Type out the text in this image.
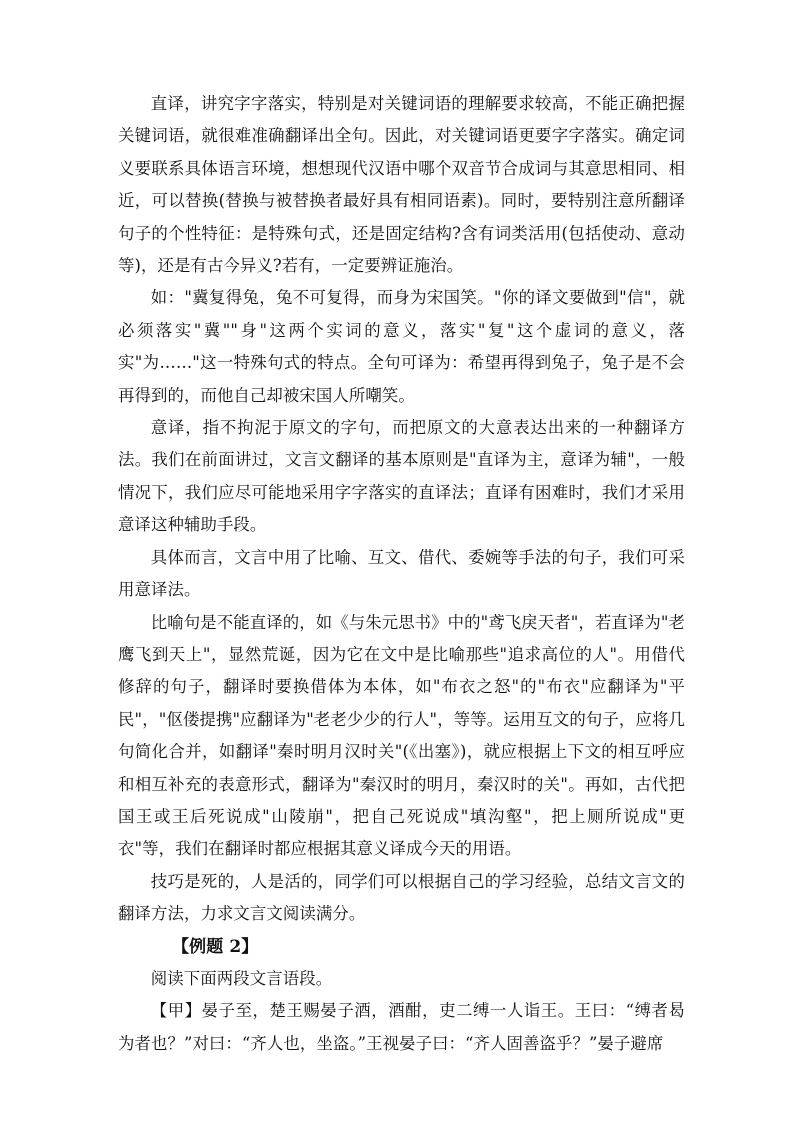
直译，讲究字字落实，特别是对关键词语的理解要求较高，不能正确把握关键词语，就很难准确翻译出全句。因此，对关键词语更要字字落实。确定词义要联系具体语言环境，想想现代汉语中哪个双音节合成词与其意思相同、相近，可以替换(替换与被替换者最好具有相同语素)。同时，要特别注意所翻译句子的个性特征：是特殊句式，还是固定结构?含有词类活用(包括使动、意动等)，还是有古今异义?若有，一定要辨证施治。

如："冀复得兔，兔不可复得，而身为宋国笑。"你的译文要做到"信"，就必须落实"冀""身"这两个实词的意义，落实"复"这个虚词的意义，落实"为……"这一特殊句式的特点。全句可译为：希望再得到兔子，兔子是不会再得到的，而他自己却被宋国人所嘲笑。

意译，指不拘泥于原文的字句，而把原文的大意表达出来的一种翻译方法。我们在前面讲过，文言文翻译的基本原则是"直译为主，意译为辅"，一般情况下，我们应尽可能地采用字字落实的直译法；直译有困难时，我们才采用意译这种辅助手段。

具体而言，文言中用了比喻、互文、借代、委婉等手法的句子，我们可采用意译法。

比喻句是不能直译的，如《与朱元思书》中的"鸢飞戾天者"，若直译为"老鹰飞到天上"，显然荒诞，因为它在文中是比喻那些"追求高位的人"。用借代修辞的句子，翻译时要换借体为本体，如"布衣之怒"的"布衣"应翻译为"平民"，"伛偻提携"应翻译为"老老少少的行人"，等等。运用互文的句子，应将几句简化合并，如翻译"秦时明月汉时关"(《出塞》)，就应根据上下文的相互呼应和相互补充的表意形式，翻译为"秦汉时的明月，秦汉时的关"。再如，古代把国王或王后死说成"山陵崩"，把自己死说成"填沟壑"，把上厕所说成"更衣"等，我们在翻译时都应根据其意义译成今天的用语。

技巧是死的，人是活的，同学们可以根据自己的学习经验，总结文言文的翻译方法，力求文言文阅读满分。

【例题 2】

阅读下面两段文言语段。

【甲】晏子至，楚王赐晏子酒，酒酣，吏二缚一人诣王。王曰：“缚者曷为者也？”对曰：“齐人也，坐盗。”王视晏子曰：“齐人固善盗乎？”晏子避席
